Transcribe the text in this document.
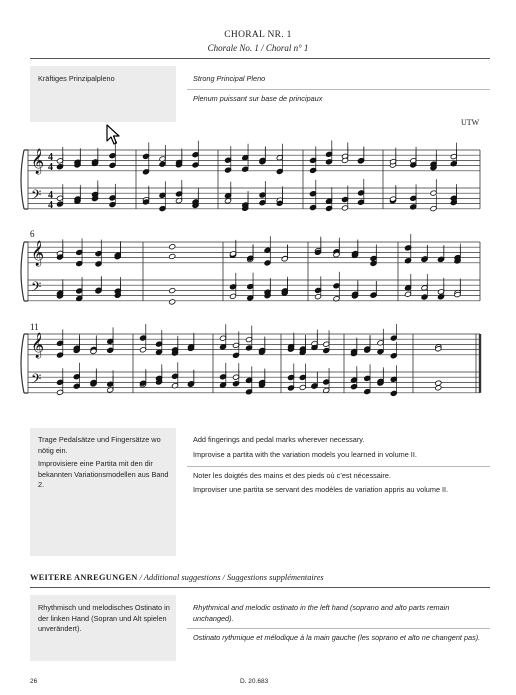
CHORAL NR. 1
Chorale No. 1 / Choral n° 1
Kräftiges Prinzipalpleno	Strong Principal Pleno
Plenum puissant sur base de principaux
UTW
𝄞
𝄢
4
4
4
4
𝄞
𝄢
𝄞
𝄢
6
11
Trage Pedalsätze und Fingersätze wo nötig ein.
Improvisiere eine Partita mit den dir bekannten Variationsmodellen aus Band 2.
Add fingerings and pedal marks wherever necessary.
Improvise a partita with the variation models you learned in volume II.
Noter les doigtés des mains et des pieds où c’est nécessaire.
Improviser une partita se servant des modèles de variation appris au volume II.
WEITERE ANREGUNGEN / Additional suggestions / Suggestions supplémentaires
Rhythmisch und melodisches Ostinato in der linken Hand (Sopran und Alt spielen unverändert).
Rhythmical and melodic ostinato in the left hand (soprano and alto parts remain unchanged).
Ostinato rythmique et mélodique à la main gauche (les soprano et alto ne changent pas).
26	D. 20.683
